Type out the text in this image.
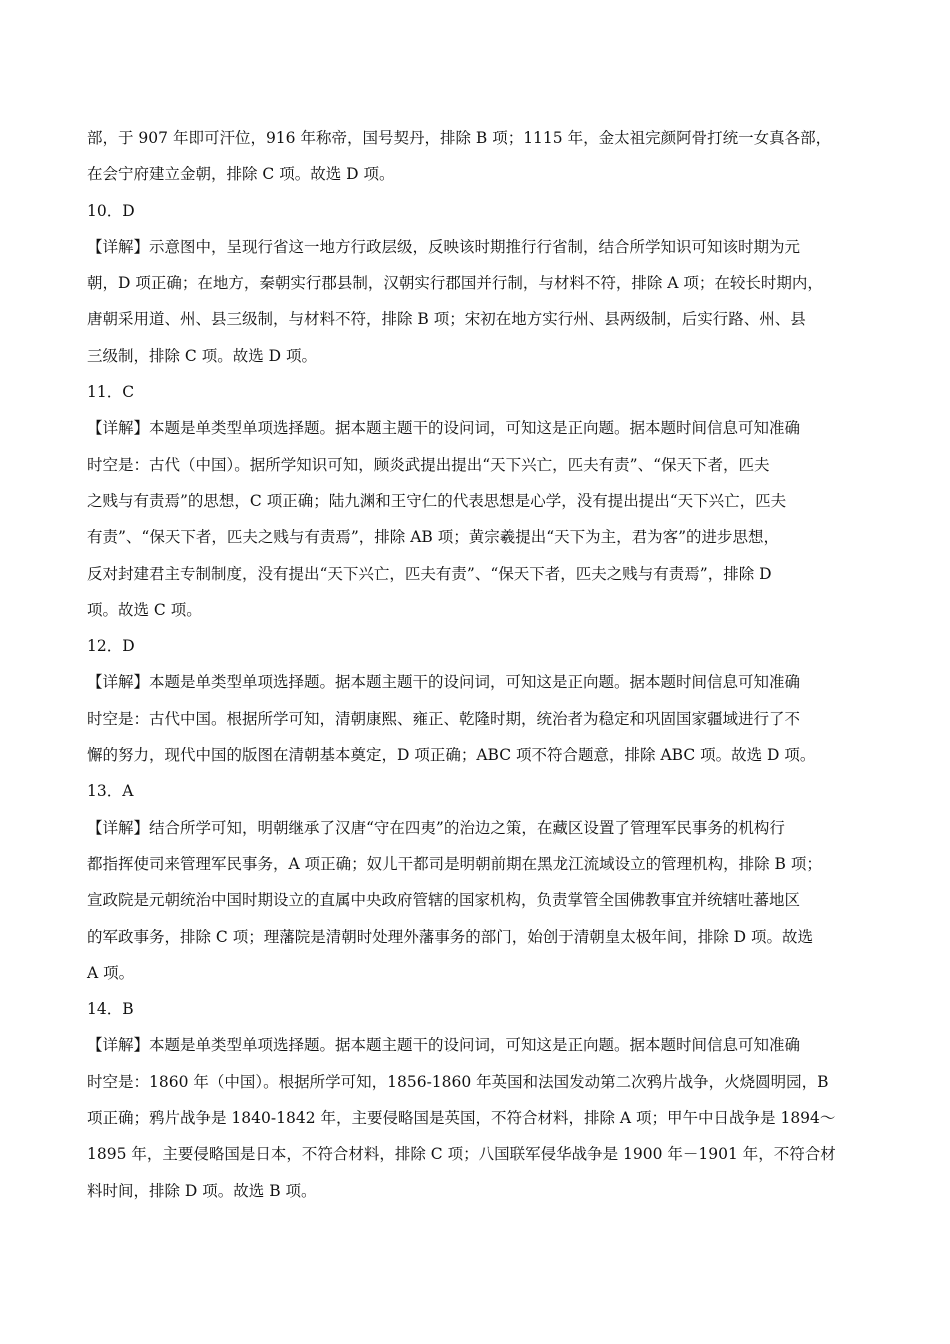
部，于 907 年即可汗位，916 年称帝，国号契丹，排除 B 项；1115 年，金太祖完颜阿骨打统一女真各部，
在会宁府建立金朝，排除 C 项。故选 D 项。
10．D
【详解】示意图中，呈现行省这一地方行政层级，反映该时期推行行省制，结合所学知识可知该时期为元
朝，D 项正确；在地方，秦朝实行郡县制，汉朝实行郡国并行制，与材料不符，排除 A 项；在较长时期内，
唐朝采用道、州、县三级制，与材料不符，排除 B 项；宋初在地方实行州、县两级制，后实行路、州、县
三级制，排除 C 项。故选 D 项。
11．C
【详解】本题是单类型单项选择题。据本题主题干的设问词，可知这是正向题。据本题时间信息可知准确
时空是：古代（中国）。据所学知识可知，顾炎武提出提出“天下兴亡，匹夫有责”、“保天下者，匹夫
之贱与有责焉”的思想，C 项正确；陆九渊和王守仁的代表思想是心学，没有提出提出“天下兴亡，匹夫
有责”、“保天下者，匹夫之贱与有责焉”，排除 AB 项；黄宗羲提出“天下为主，君为客”的进步思想，
反对封建君主专制制度，没有提出“天下兴亡，匹夫有责”、“保天下者，匹夫之贱与有责焉”，排除 D
项。故选 C 项。
12．D
【详解】本题是单类型单项选择题。据本题主题干的设问词，可知这是正向题。据本题时间信息可知准确
时空是：古代中国。根据所学可知，清朝康熙、雍正、乾隆时期，统治者为稳定和巩固国家疆域进行了不
懈的努力，现代中国的版图在清朝基本奠定，D 项正确；ABC 项不符合题意，排除 ABC 项。故选 D 项。
13．A
【详解】结合所学可知，明朝继承了汉唐“守在四夷”的治边之策，在藏区设置了管理军民事务的机构行
都指挥使司来管理军民事务，A 项正确；奴儿干都司是明朝前期在黑龙江流域设立的管理机构，排除 B 项；
宣政院是元朝统治中国时期设立的直属中央政府管辖的国家机构，负责掌管全国佛教事宜并统辖吐蕃地区
的军政事务，排除 C 项；理藩院是清朝时处理外藩事务的部门，始创于清朝皇太极年间，排除 D 项。故选
A 项。
14．B
【详解】本题是单类型单项选择题。据本题主题干的设问词，可知这是正向题。据本题时间信息可知准确
时空是：1860 年（中国）。根据所学可知，1856-1860 年英国和法国发动第二次鸦片战争，火烧圆明园，B
项正确；鸦片战争是 1840-1842 年，主要侵略国是英国，不符合材料，排除 A 项；甲午中日战争是 1894～
1895 年，主要侵略国是日本，不符合材料，排除 C 项；八国联军侵华战争是 1900 年－1901 年，不符合材
料时间，排除 D 项。故选 B 项。
